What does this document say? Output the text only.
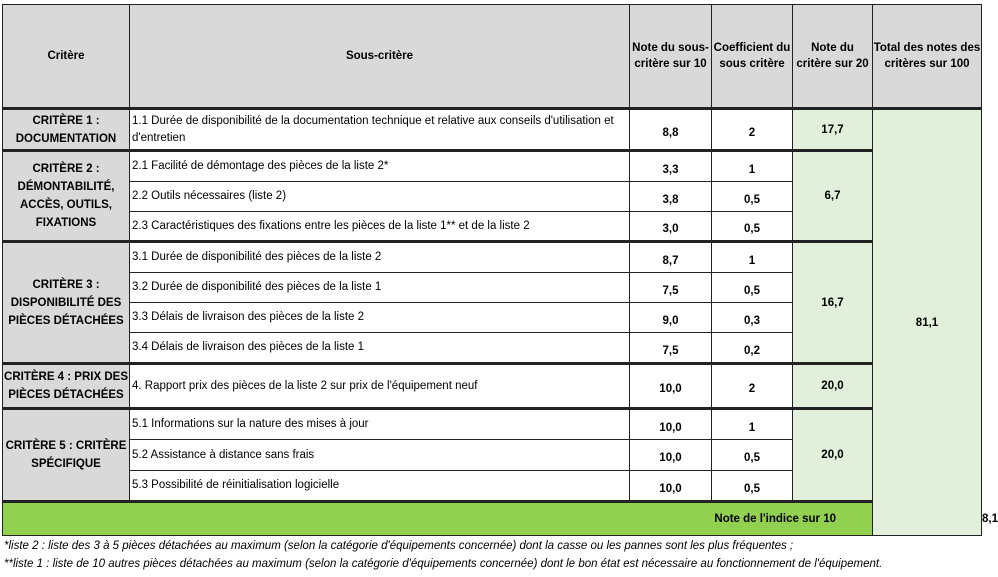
Critère	Sous-critère	Note du sous-critère sur 10	Coefficient du sous critère	Note du critère sur 20	Total des notes des critères sur 100	
CRITÈRE 1 : DOCUMENTATION	1.1 Durée de disponibilité de la documentation technique et relative aux conseils d'utilisation et d'entretien	8,8	2	17,7	81,1	
CRITÈRE 2 : DÉMONTABILITÉ, ACCÈS, OUTILS, FIXATIONS	2.1 Facilité de démontage des pièces de la liste 2*	3,3	1	6,7		
	2.2 Outils nécessaires (liste 2)	3,8	0,5			
	2.3 Caractéristiques des fixations entre les pièces de la liste 1** et de la liste 2	3,0	0,5			
CRITÈRE 3 : DISPONIBILITÉ DES PIÈCES DÉTACHÉES	3.1 Durée de disponibilité des pièces de la liste 2	8,7	1	16,7		
	3.2 Durée de disponibilité des pièces de la liste 1	7,5	0,5			
	3.3 Délais de livraison des pièces de la liste 2	9,0	0,3			
	3.4 Délais de livraison des pièces de la liste 1	7,5	0,2			
CRITÈRE 4 : PRIX DES PIÈCES DÉTACHÉES	4. Rapport prix des pièces de la liste 2 sur prix de l'équipement neuf	10,0	2	20,0		
CRITÈRE 5 : CRITÈRE SPÉCIFIQUE	5.1 Informations sur la nature des mises à jour	10,0	1	20,0		
	5.2 Assistance à distance sans frais	10,0	0,5			
	5.3 Possibilité de réinitialisation logicielle	10,0	0,5			
Note de l'indice sur 10						8,1
*liste 2 : liste des 3 à 5 pièces détachées au maximum (selon la catégorie d'équipements concernée) dont la casse ou les pannes sont les plus fréquentes ;
**liste 1 : liste de 10 autres pièces détachées au maximum (selon la catégorie d'équipements concernée) dont le bon état est nécessaire au fonctionnement de l'équipement.
